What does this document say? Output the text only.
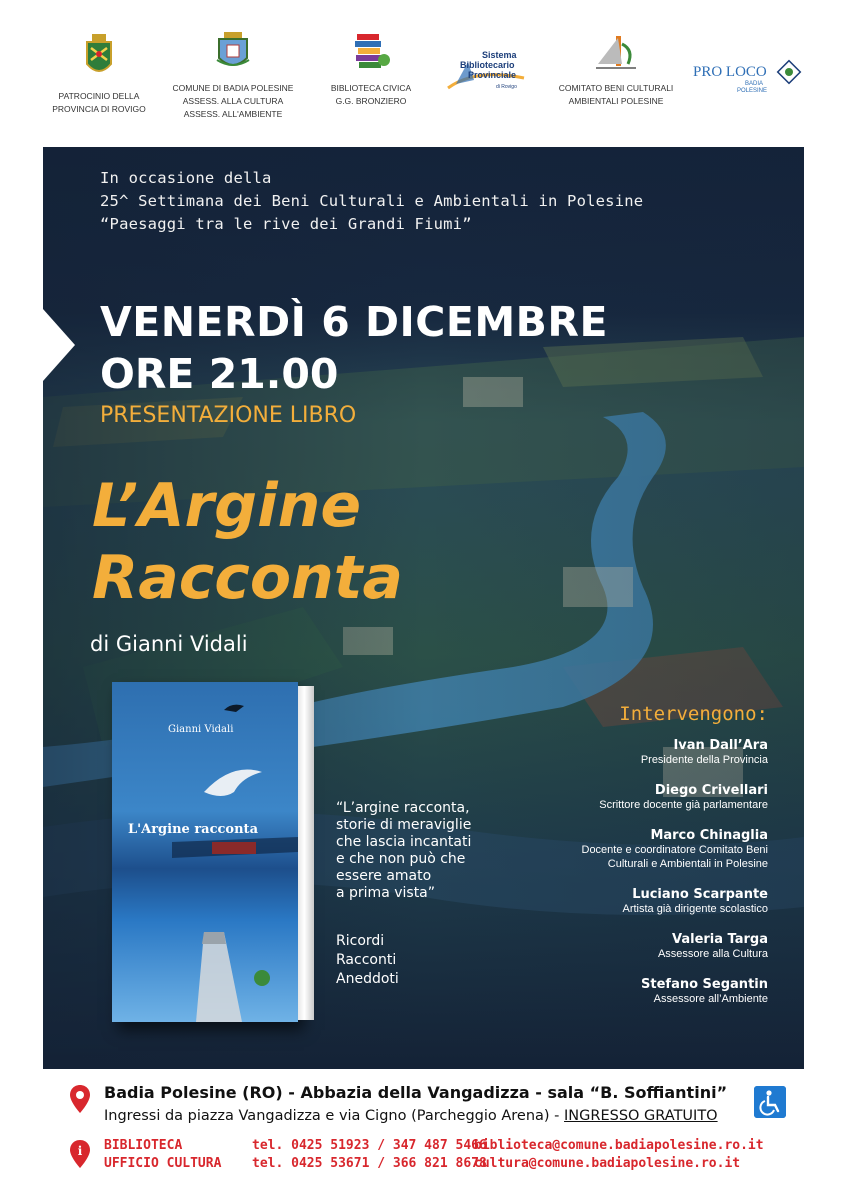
PATROCINIO DELLA
PROVINCIA DI ROVIGO
COMUNE DI BADIA POLESINE
ASSESS. ALLA CULTURA
ASSESS. ALL'AMBIENTE
BIBLIOTECA CIVICA
G.G. BRONZIERO
Sistema
Bibliotecario
Provinciale
di Rovigo	COMITATO BENI CULTURALI
AMBIENTALI POLESINE
PRO LOCO
BADIA
POLESINE
In occasione della
25^ Settimana dei Beni Culturali e Ambientali in Polesine
“Paesaggi tra le rive dei Grandi Fiumi”
VENERDÌ 6 DICEMBRE
ORE 21.00
PRESENTAZIONE LIBRO
L’Argine
Racconta
di Gianni Vidali
Gianni Vidali
L'Argine racconta
“L’argine racconta,
storie di meraviglie
che lascia incantati
e che non può che
essere amato
a prima vista”
Ricordi
Racconti
Aneddoti
Intervengono:
Ivan Dall’Ara
Presidente della Provincia
Diego Crivellari
Scrittore docente già parlamentare
Marco Chinaglia
Docente e coordinatore Comitato Beni
Culturali e Ambientali in Polesine
Luciano Scarpante
Artista già dirigente scolastico
Valeria Targa
Assessore alla Cultura
Stefano Segantin
Assessore all’Ambiente
Badia Polesine (RO) - Abbazia della Vangadizza - sala “B. Soffiantini”
Ingressi da piazza Vangadizza e via Cigno (Parcheggio Arena) - INGRESSO GRATUITO
i BIBLIOTECA
UFFICIO CULTURA
tel. 0425 51923 / 347 487 5466
tel. 0425 53671 / 366 821 8678
biblioteca@comune.badiapolesine.ro.it
cultura@comune.badiapolesine.ro.it
